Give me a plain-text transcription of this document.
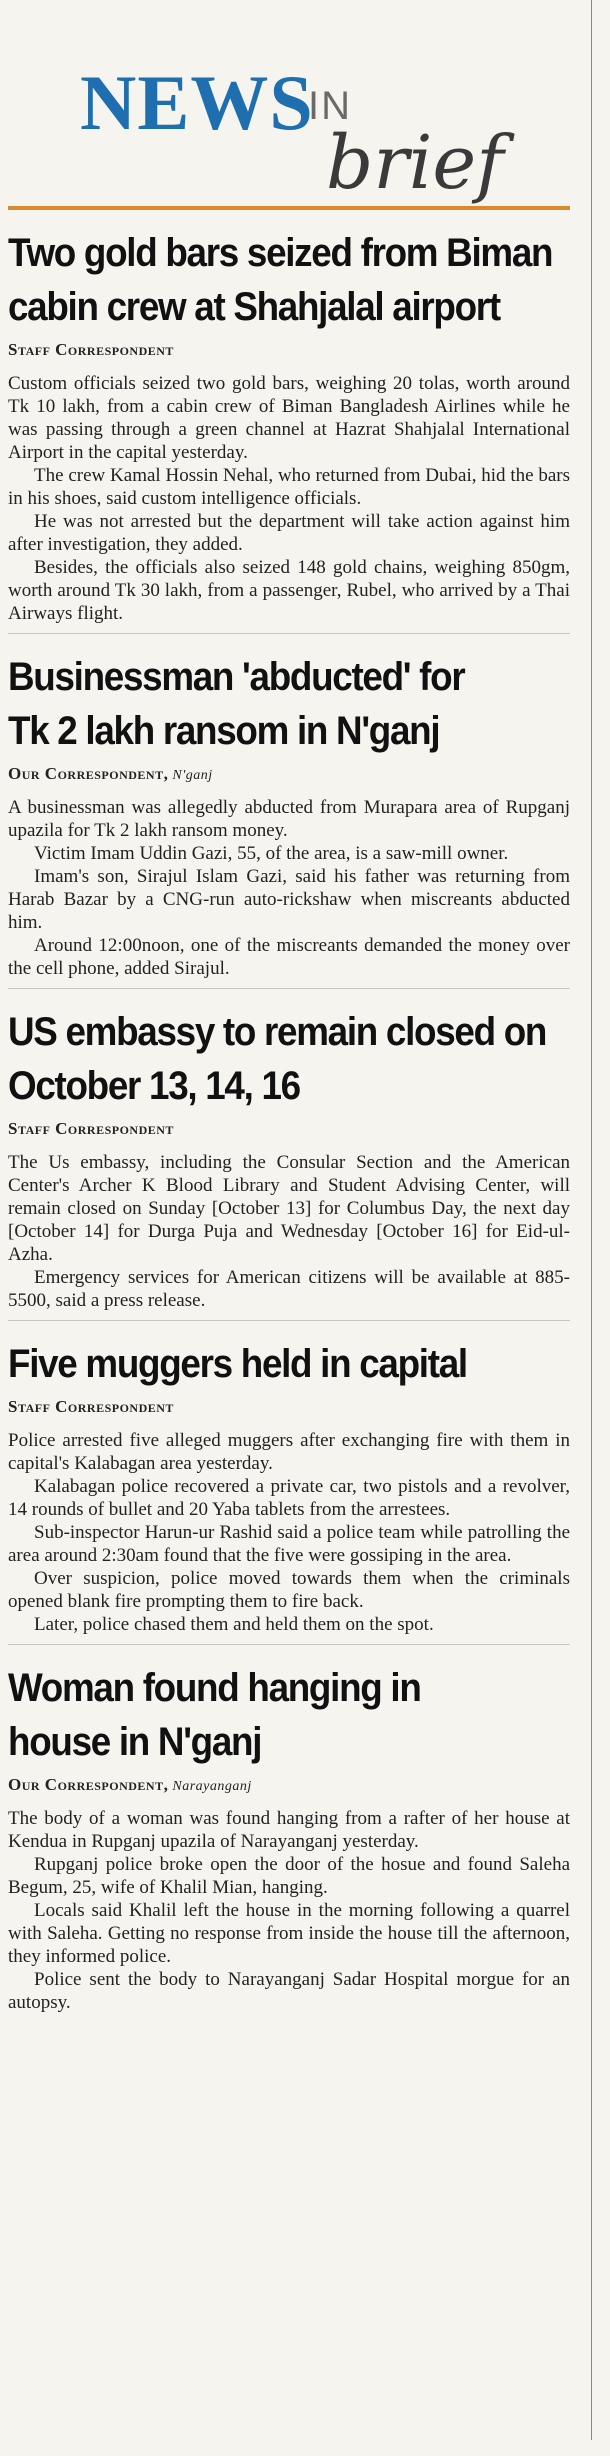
NEWS
IN
brief
Two gold bars seized from Biman
cabin crew at Shahjalal airport
Staff Correspondent

Custom officials seized two gold bars, weighing 20 tolas, worth around Tk 10 lakh, from a cabin crew of Biman Bangladesh Airlines while he was passing through a green channel at Hazrat Shahjalal International Airport in the capital yesterday.

The crew Kamal Hossin Nehal, who returned from Dubai, hid the bars in his shoes, said custom intelligence officials.

He was not arrested but the department will take action against him after investigation, they added.

Besides, the officials also seized 148 gold chains, weighing 850gm, worth around Tk 30 lakh, from a passenger, Rubel, who arrived by a Thai Airways flight.

Businessman 'abducted' for
Tk 2 lakh ransom in N'ganj
Our Correspondent, N'ganj

A businessman was allegedly abducted from Murapara area of Rupganj upazila for Tk 2 lakh ransom money.

Victim Imam Uddin Gazi, 55, of the area, is a saw-mill owner.

Imam's son, Sirajul Islam Gazi, said his father was returning from Harab Bazar by a CNG-run auto-rickshaw when miscreants abducted him.

Around 12:00noon, one of the miscreants demanded the money over the cell phone, added Sirajul.

US embassy to remain closed on
October 13, 14, 16
Staff Correspondent

The Us embassy, including the Consular Section and the American Center's Archer K Blood Library and Student Advising Center, will remain closed on Sunday [October 13] for Columbus Day, the next day [October 14] for Durga Puja and Wednesday [October 16] for Eid-ul-Azha.

Emergency services for American citizens will be available at 885-5500, said a press release.

Five muggers held in capital
Staff Correspondent

Police arrested five alleged muggers after exchanging fire with them in capital's Kalabagan area yesterday.

Kalabagan police recovered a private car, two pistols and a revolver, 14 rounds of bullet and 20 Yaba tablets from the arrestees.

Sub-inspector Harun-ur Rashid said a police team while patrolling the area around 2:30am found that the five were gossiping in the area.

Over suspicion, police moved towards them when the criminals opened blank fire prompting them to fire back.

Later, police chased them and held them on the spot.

Woman found hanging in
house in N'ganj
Our Correspondent, Narayanganj

The body of a woman was found hanging from a rafter of her house at Kendua in Rupganj upazila of Narayanganj yesterday.

Rupganj police broke open the door of the hosue and found Saleha Begum, 25, wife of Khalil Mian, hanging.

Locals said Khalil left the house in the morning following a quarrel with Saleha. Getting no response from inside the house till the afternoon, they informed police.

Police sent the body to Narayanganj Sadar Hospital morgue for an autopsy.
